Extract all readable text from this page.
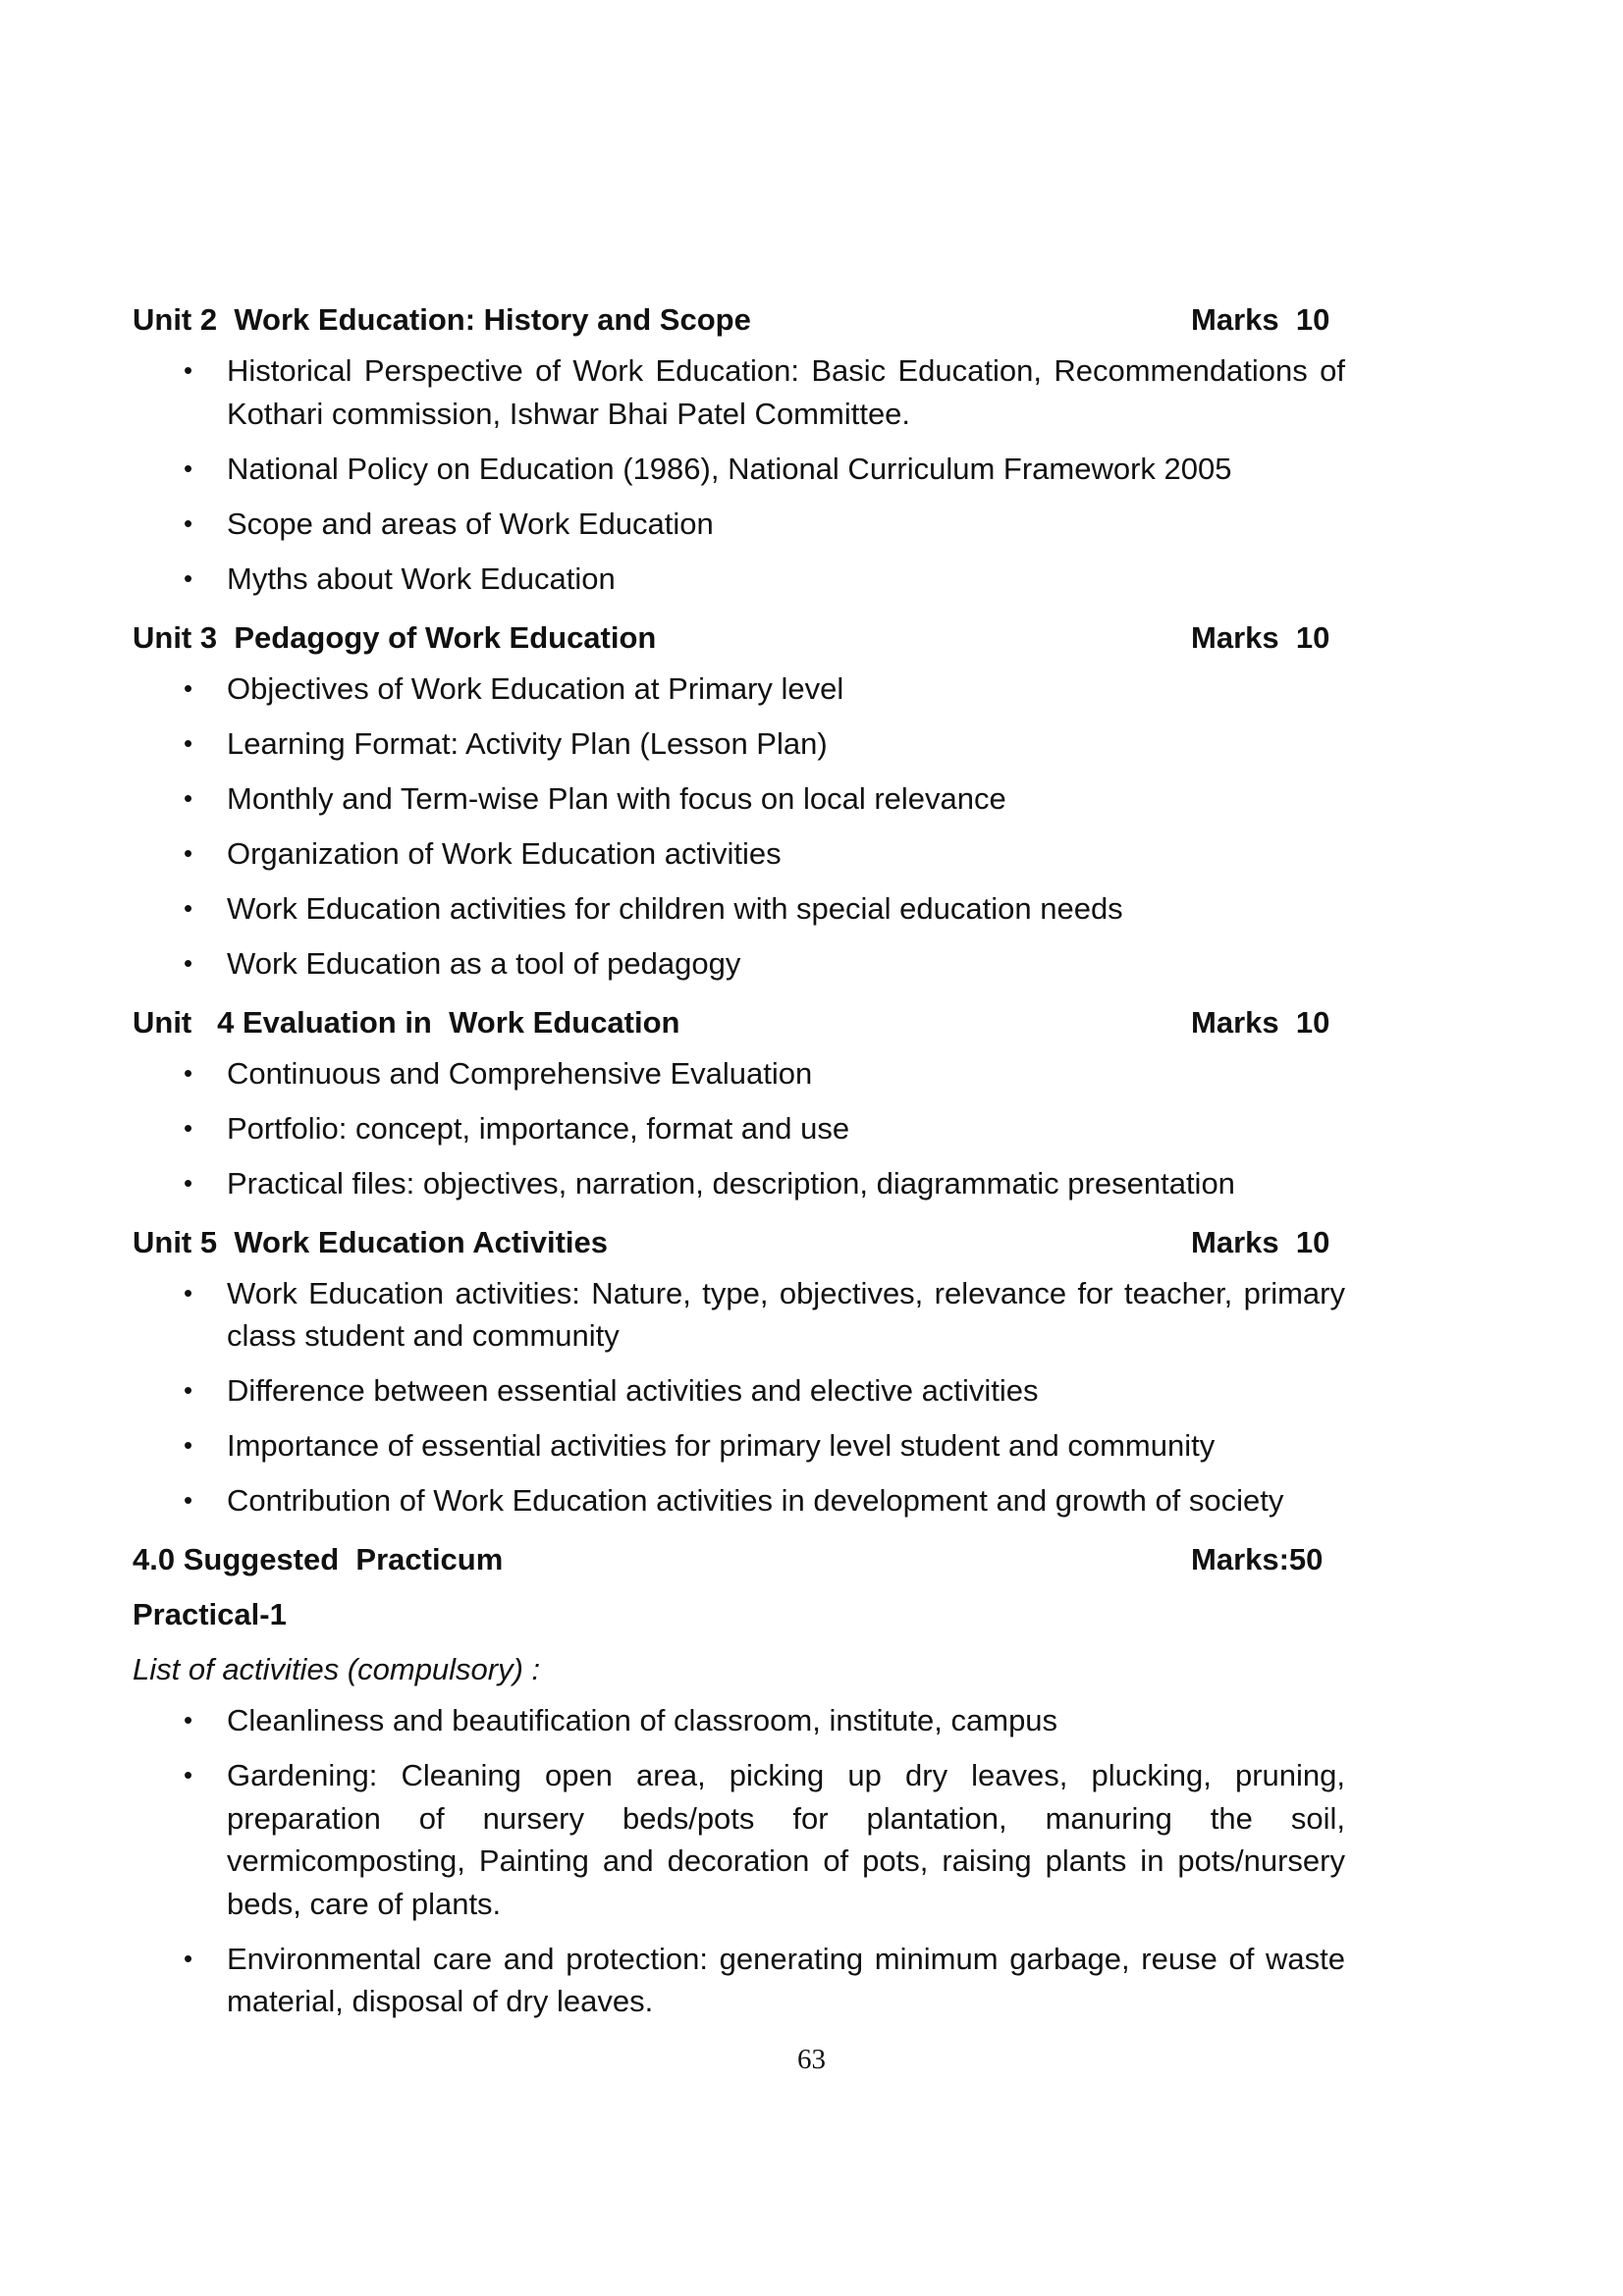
Unit 2  Work Education: History and Scope	Marks  10
• Historical Perspective of Work Education: Basic Education, Recommendations of Kothari commission, Ishwar Bhai Patel Committee.
• National Policy on Education (1986), National Curriculum Framework 2005
• Scope and areas of Work Education
• Myths about Work Education
Unit 3  Pedagogy of Work Education	Marks  10
• Objectives of Work Education at Primary level
• Learning Format: Activity Plan (Lesson Plan)
• Monthly and Term-wise Plan with focus on local relevance
• Organization of Work Education activities
• Work Education activities for children with special education needs
• Work Education as a tool of pedagogy
Unit   4 Evaluation in  Work Education	Marks  10
• Continuous and Comprehensive Evaluation
• Portfolio: concept, importance, format and use
• Practical files: objectives, narration, description, diagrammatic presentation
Unit 5  Work Education Activities	Marks  10
• Work Education activities: Nature, type, objectives, relevance for teacher, primary class student and community
• Difference between essential activities and elective activities
• Importance of essential activities for primary level student and community
• Contribution of Work Education activities in development and growth of society
4.0 Suggested  Practicum	Marks:50
Practical-1
List of activities (compulsory) :
• Cleanliness and beautification of classroom, institute, campus
• Gardening: Cleaning open area, picking up dry leaves, plucking, pruning, preparation of nursery beds/pots for plantation, manuring the soil, vermicomposting, Painting and decoration of pots, raising plants in pots/nursery beds, care of plants.
• Environmental care and protection: generating minimum garbage, reuse of waste material, disposal of dry leaves.
63
